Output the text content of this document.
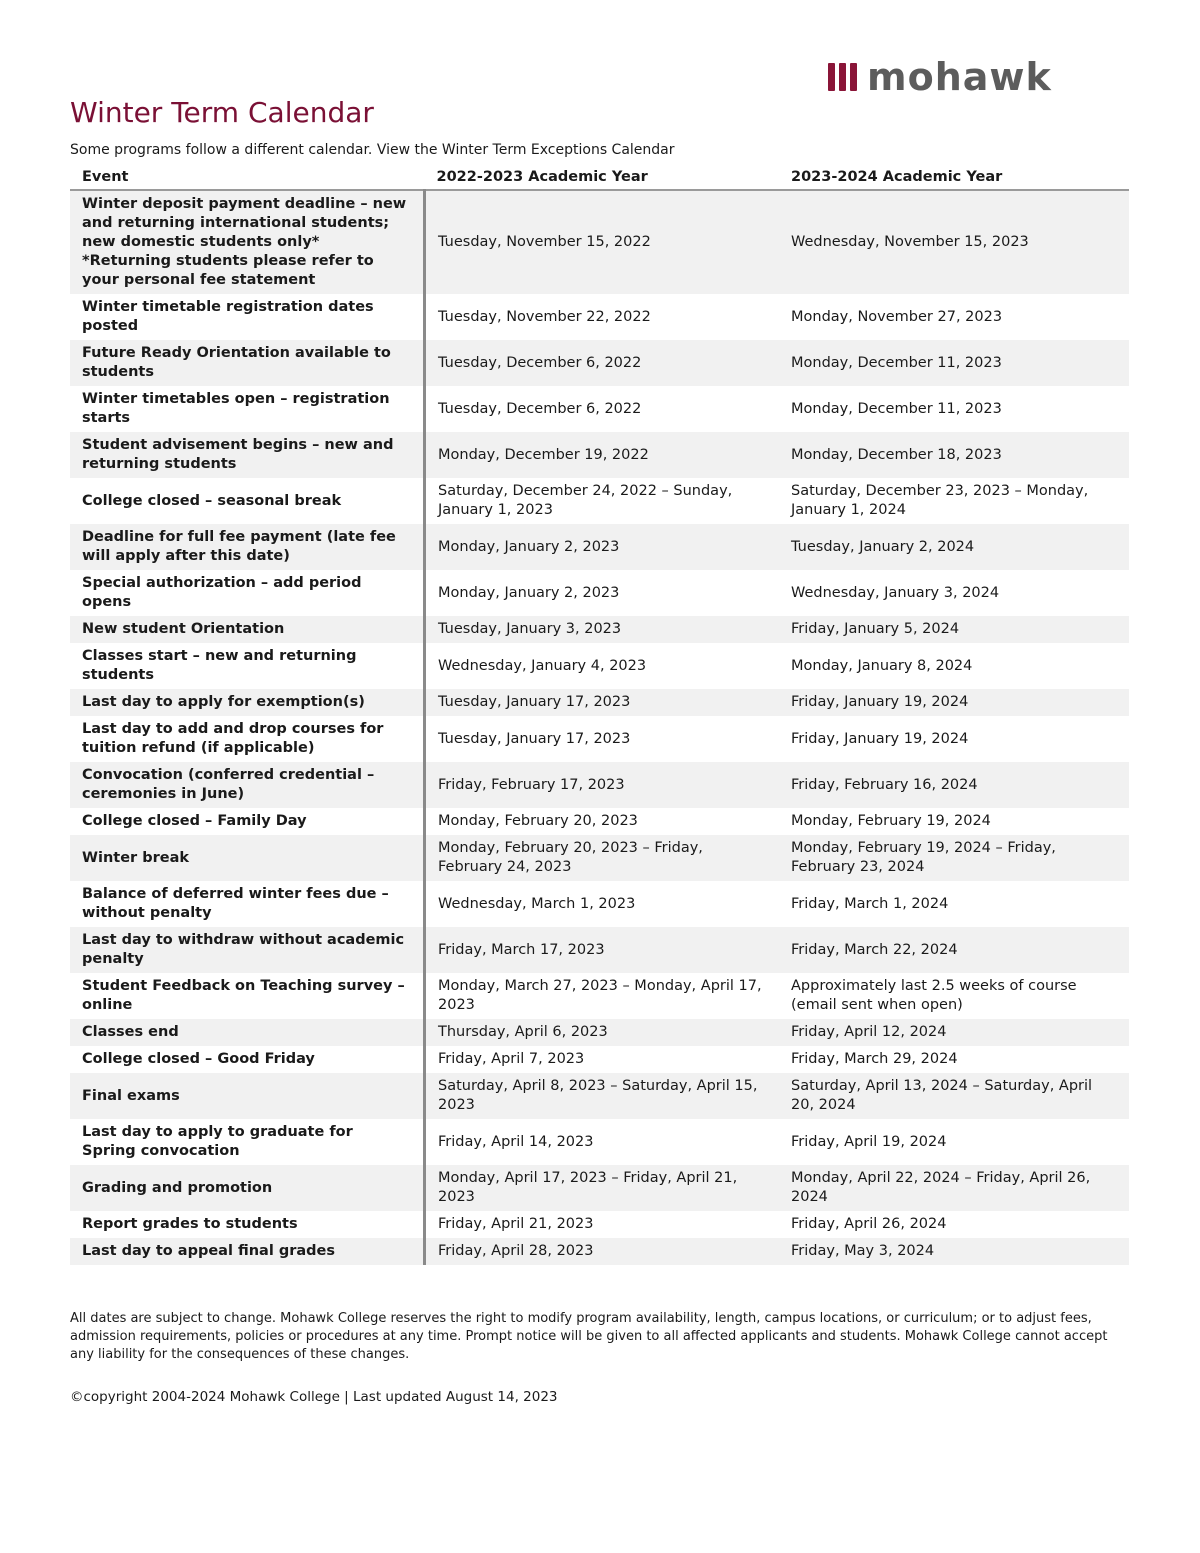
mohawk
Winter Term Calendar
Some programs follow a different calendar. View the Winter Term Exceptions Calendar
Event	2022-2023 Academic Year	2023-2024 Academic Year
Winter deposit payment deadline – new and returning international students; new domestic students only*
*Returning students please refer to your personal fee statement	Tuesday, November 15, 2022	Wednesday, November 15, 2023
Winter timetable registration dates posted	Tuesday, November 22, 2022	Monday, November 27, 2023
Future Ready Orientation available to students	Tuesday, December 6, 2022	Monday, December 11, 2023
Winter timetables open – registration starts	Tuesday, December 6, 2022	Monday, December 11, 2023
Student advisement begins – new and returning students	Monday, December 19, 2022	Monday, December 18, 2023
College closed – seasonal break	Saturday, December 24, 2022 – Sunday, January 1, 2023	Saturday, December 23, 2023 – Monday, January 1, 2024
Deadline for full fee payment (late fee will apply after this date)	Monday, January 2, 2023	Tuesday, January 2, 2024
Special authorization – add period opens	Monday, January 2, 2023	Wednesday, January 3, 2024
New student Orientation	Tuesday, January 3, 2023	Friday, January 5, 2024
Classes start – new and returning students	Wednesday, January 4, 2023	Monday, January 8, 2024
Last day to apply for exemption(s)	Tuesday, January 17, 2023	Friday, January 19, 2024
Last day to add and drop courses for tuition refund (if applicable)	Tuesday, January 17, 2023	Friday, January 19, 2024
Convocation (conferred credential – ceremonies in June)	Friday, February 17, 2023	Friday, February 16, 2024
College closed – Family Day	Monday, February 20, 2023	Monday, February 19, 2024
Winter break	Monday, February 20, 2023 – Friday, February 24, 2023	Monday, February 19, 2024 – Friday, February 23, 2024
Balance of deferred winter fees due – without penalty	Wednesday, March 1, 2023	Friday, March 1, 2024
Last day to withdraw without academic penalty	Friday, March 17, 2023	Friday, March 22, 2024
Student Feedback on Teaching survey – online	Monday, March 27, 2023 – Monday, April 17, 2023	Approximately last 2.5 weeks of course (email sent when open)
Classes end	Thursday, April 6, 2023	Friday, April 12, 2024
College closed – Good Friday	Friday, April 7, 2023	Friday, March 29, 2024
Final exams	Saturday, April 8, 2023 – Saturday, April 15, 2023	Saturday, April 13, 2024 – Saturday, April 20, 2024
Last day to apply to graduate for Spring convocation	Friday, April 14, 2023	Friday, April 19, 2024
Grading and promotion	Monday, April 17, 2023 – Friday, April 21, 2023	Monday, April 22, 2024 – Friday, April 26, 2024
Report grades to students	Friday, April 21, 2023	Friday, April 26, 2024
Last day to appeal final grades	Friday, April 28, 2023	Friday, May 3, 2024
All dates are subject to change. Mohawk College reserves the right to modify program availability, length, campus locations, or curriculum; or to adjust fees, admission requirements, policies or procedures at any time. Prompt notice will be given to all affected applicants and students. Mohawk College cannot accept any liability for the consequences of these changes.
©copyright 2004-2024 Mohawk College | Last updated August 14, 2023
